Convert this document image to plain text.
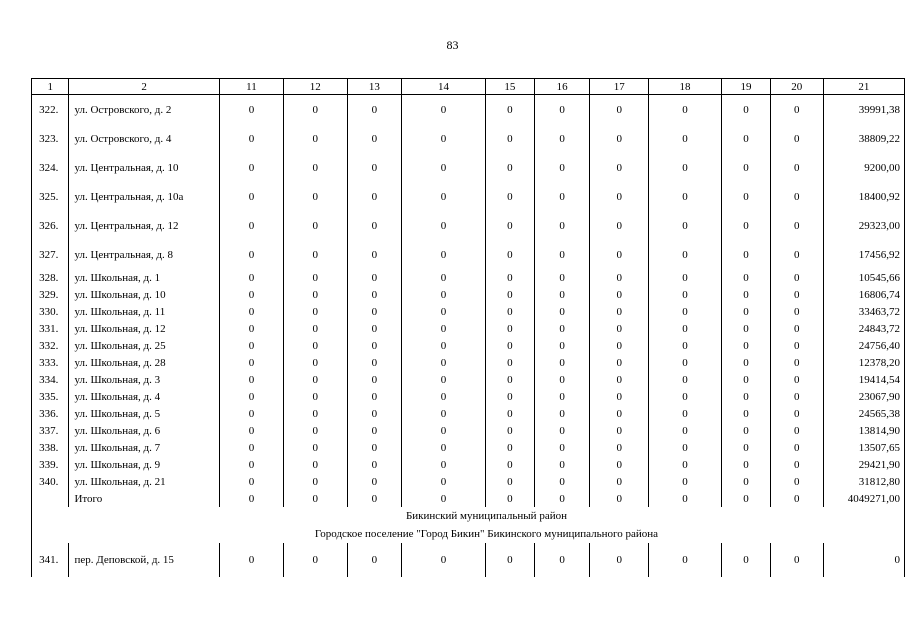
83
1	2	11	12	13	14	15	16	17	18	19	20	21
322.	ул. Островского, д. 2	0	0	0	0	0	0	0	0	0	0	39991,38
323.	ул. Островского, д. 4	0	0	0	0	0	0	0	0	0	0	38809,22
324.	ул. Центральная, д. 10	0	0	0	0	0	0	0	0	0	0	9200,00
325.	ул. Центральная, д. 10а	0	0	0	0	0	0	0	0	0	0	18400,92
326.	ул. Центральная, д. 12	0	0	0	0	0	0	0	0	0	0	29323,00
327.	ул. Центральная, д. 8	0	0	0	0	0	0	0	0	0	0	17456,92
328.	ул. Школьная, д. 1	0	0	0	0	0	0	0	0	0	0	10545,66
329.	ул. Школьная, д. 10	0	0	0	0	0	0	0	0	0	0	16806,74
330.	ул. Школьная, д. 11	0	0	0	0	0	0	0	0	0	0	33463,72
331.	ул. Школьная, д. 12	0	0	0	0	0	0	0	0	0	0	24843,72
332.	ул. Школьная, д. 25	0	0	0	0	0	0	0	0	0	0	24756,40
333.	ул. Школьная, д. 28	0	0	0	0	0	0	0	0	0	0	12378,20
334.	ул. Школьная, д. 3	0	0	0	0	0	0	0	0	0	0	19414,54
335.	ул. Школьная, д. 4	0	0	0	0	0	0	0	0	0	0	23067,90
336.	ул. Школьная, д. 5	0	0	0	0	0	0	0	0	0	0	24565,38
337.	ул. Школьная, д. 6	0	0	0	0	0	0	0	0	0	0	13814,90
338.	ул. Школьная, д. 7	0	0	0	0	0	0	0	0	0	0	13507,65
339.	ул. Школьная, д. 9	0	0	0	0	0	0	0	0	0	0	29421,90
340.	ул. Школьная, д. 21	0	0	0	0	0	0	0	0	0	0	31812,80
	Итого	0	0	0	0	0	0	0	0	0	0	4049271,00
	Бикинский муниципальный район											
	Городское поселение "Город Бикин" Бикинского муниципального района											
341.	пер. Деповской, д. 15	0	0	0	0	0	0	0	0	0	0	0
